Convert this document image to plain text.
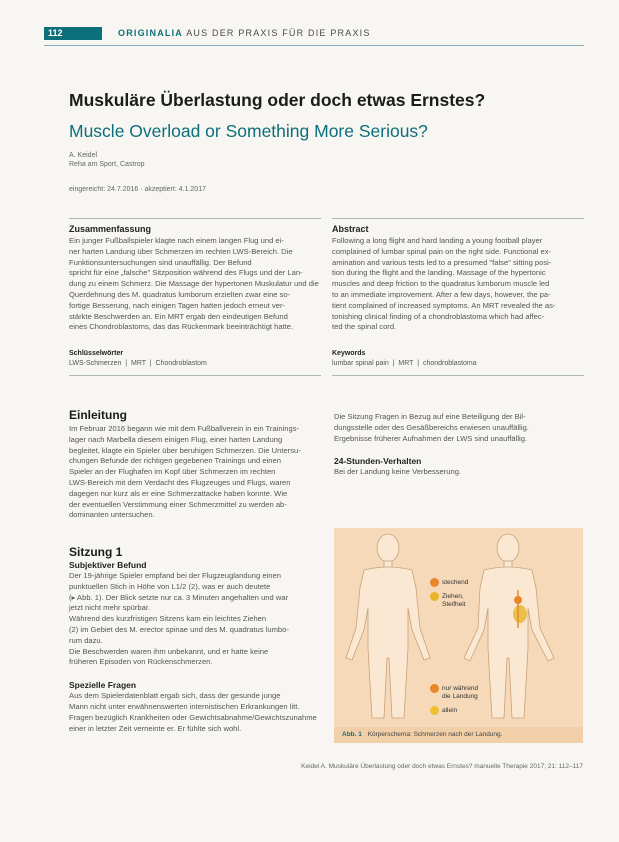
112	ORIGINALIA AUS DER PRAXIS FÜR DIE PRAXIS
Muskuläre Überlastung oder doch etwas Ernstes?
Muscle Overload or Something More Serious?
A. Keidel
Reha am Sport, Castrop
eingereicht: 24.7.2016 · akzeptiert: 4.1.2017
Zusammenfassung
Ein junger Fußballspieler klagte nach einem langen Flug und ei-
ner harten Landung über Schmerzen im rechten LWS-Bereich. Die
Funktionsuntersuchungen sind unauffällig. Der Befund
spricht für eine „falsche" Sitzposition während des Flugs und der Lan-
dung zu einem Schmerz. Die Massage der hypertonen Muskulatur und die
Querdehnung des M. quadratus lumborum erzielten zwar eine so-
fortige Besserung, nach einigen Tagen hatten jedoch erneut ver-
stärkte Beschwerden an. Ein MRT ergab den eindeutigen Befund
eines Chondroblastoms, das das Rückenmark beeinträchtigt hatte.
Abstract
Following a long flight and hard landing a young football player
complained of lumbar spinal pain on the right side. Functional ex-
amination and various tests led to a presumed "false" sitting posi-
tion during the flight and the landing. Massage of the hypertonic
muscles and deep friction to the quadratus lumborum muscle led
to an immediate improvement. After a few days, however, the pa-
tient complained of increased symptoms. An MRT revealed the as-
tonishing clinical finding of a chondroblastoma which had affec-
ted the spinal cord.
Schlüsselwörter
LWS-Schmerzen  |  MRT  |  Chondroblastom
Keywords
lumbar spinal pain  |  MRT  |  chondroblastoma
Einleitung
Im Februar 2016 begann wie mit dem Fußballverein in ein Trainings-
lager nach Marbella diesem einigen Flug, einer harten Landung
begleitet, klagte ein Spieler über beruhigen Schmerzen. Die Untersu-
chungen Befunde der richtigen gegebenen Trainings und einen
Spieler an der Flughafen im Kopf über Schmerzen im rechten
LWS-Bereich mit dem Verdacht des Flugzeuges und Flugs, waren
dagegen nur kurz als er eine Schmerzattacke haben konnte. Wie
der eventuellen Verstimmung einer Schmerzmittel zu werden ab-
dominanten untersuchen.
Die Sitzung Fragen in Bezug auf eine Beteiligung der Bil-
dungsstelle oder des Gesäßbereichs erwiesen unauffällig.
Ergebnisse früherer Aufnahmen der LWS sind unauffällig.
24-Stunden-Verhalten
Bei der Landung keine Verbesserung.
Sitzung 1
Subjektiver Befund
Der 19-jährige Spieler empfand bei der Flugzeuglandung einen
punktuellen Stich in Höhe von L1/2 (2), was er auch deutete
(▸ Abb. 1). Der Blick setzte nur ca. 3 Minuten angehalten und war
jetzt nicht mehr spürbar.
Während des kurzfristigen Sitzens kam ein leichtes Ziehen
(2) im Gebiet des M. erector spinae und des M. quadratus lumbo-
rum dazu.
Die Beschwerden waren ihm unbekannt, und er hatte keine
früheren Episoden von Rückenschmerzen.
Spezielle Fragen
Aus dem Spielerdatenblatt ergab sich, dass der gesunde junge
Mann nicht unter erwähnenswerten internistischen Erkrankungen litt.
Fragen bezüglich Krankheiten oder Gewichtsabnahme/Gewichtszunahme
einer in letzter Zeit verneinte er. Er fühlte sich wohl.
stechend
Ziehen, Steifheit
nur während die Landung
allein
Abb. 1 Körperschema: Schmerzen nach der Landung.
Keidel A. Muskuläre Überlastung oder doch etwas Ernstes? manuelle Therapie 2017; 21: 112–117
